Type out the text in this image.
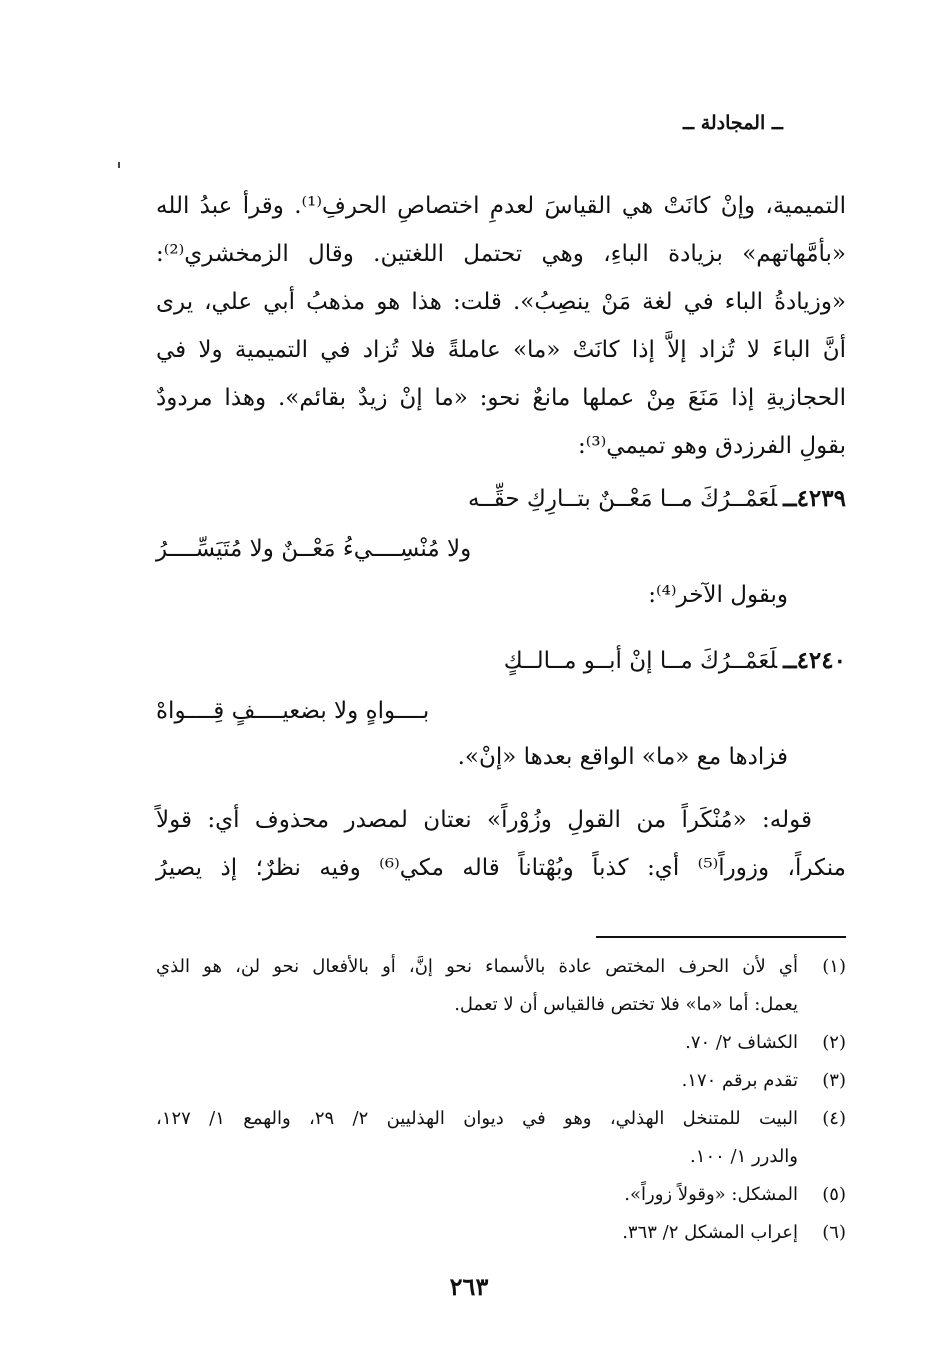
ــ المجادلة ــ
التميمية، وإنْ كانَتْ هي القياسَ لعدمِ اختصاصِ الحرفِ⁽¹⁾. وقرأ عبدُ الله
«بأمَّهاتهم» بزيادة الباءِ، وهي تحتمل اللغتين. وقال الزمخشري⁽²⁾:
«وزيادةُ الباء في لغة مَنْ ينصِبُ». قلت: هذا هو مذهبُ أبي علي، يرى
أنَّ الباءَ لا تُزاد إلاَّ إذا كانَتْ «ما» عاملةً فلا تُزاد في التميمية ولا في
الحجازيةِ إذا مَنَعَ مِنْ عملها مانعٌ نحو: «ما إنْ زيدٌ بقائم». وهذا مردودٌ
بقولِ الفرزدق وهو تميمي⁽³⁾:
٤٢٣٩ــلَعَمْــرُكَ مــا مَعْــنٌ بتــارِكِ حقِّــه
ولا مُنْسِــــيءُ مَعْــنٌ ولا مُتَيَسِّــــرُ
وبقول الآخر⁽⁴⁾:
٤٢٤٠ــلَعَمْــرُكَ مــا إنْ أبــو مــالــكٍ
بــــواهٍ ولا بضعيــــفٍ قِــــواهْ
فزادها مع «ما» الواقع بعدها «إنْ».
قوله: «مُنْكَراً من القولِ وزُوْراً» نعتان لمصدر محذوف أي: قولاً
منكراً، وزوراً⁽⁵⁾ أي: كذباً وبُهْتاناً قاله مكي⁽⁶⁾ وفيه نظرٌ؛ إذ يصيرُ
(١)
أي لأن الحرف المختص عادة بالأسماء نحو إنَّ، أو بالأفعال نحو لن، هو الذي
يعمل: أما «ما» فلا تختص فالقياس أن لا تعمل.
(٢)
الكشاف ٢/ ٧٠.
(٣)
تقدم برقم ١٧٠.
(٤)
البيت للمتنخل الهذلي، وهو في ديوان الهذليين ٢/ ٢٩، والهمع ١/ ١٢٧،
والدرر ١/ ١٠٠.
(٥)
المشكل: «وقولاً زوراً».
(٦)
إعراب المشكل ٢/ ٣٦٣.
٢٦٣
